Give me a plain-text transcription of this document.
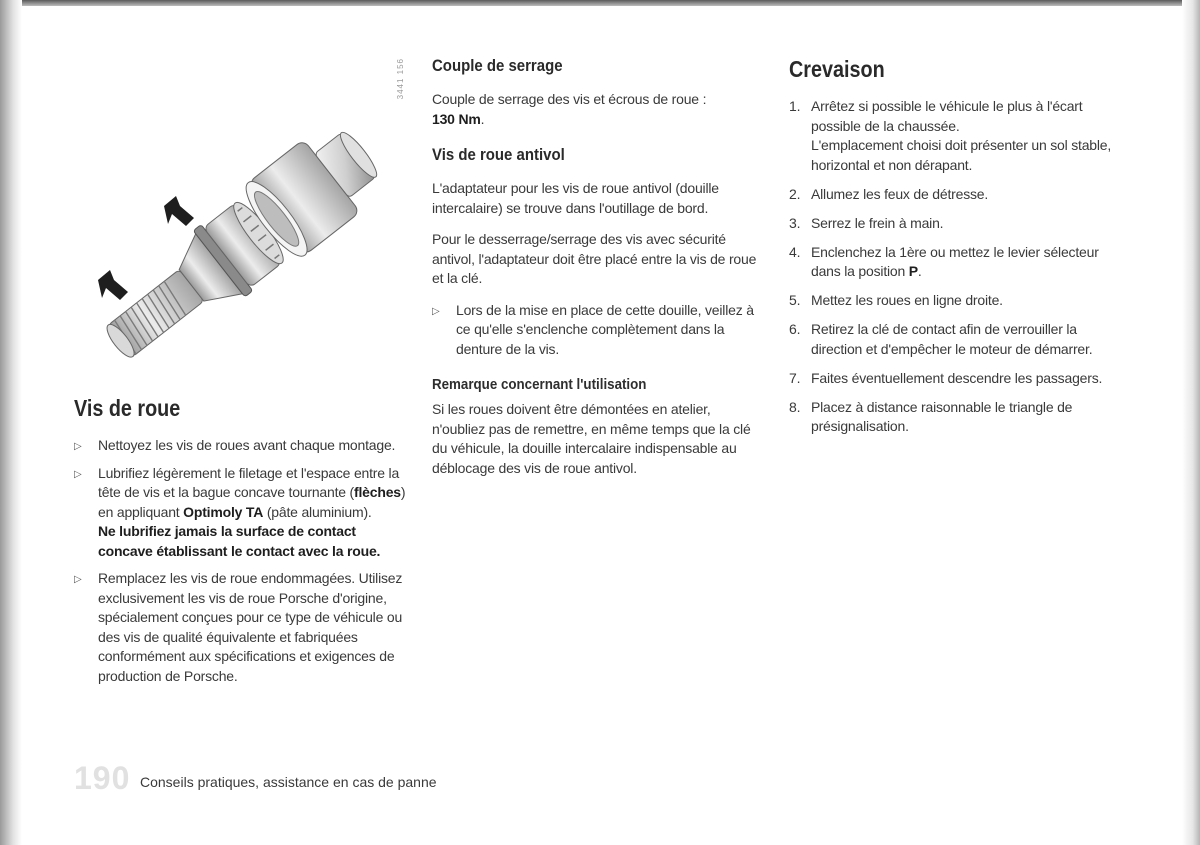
3441 156
Vis de roue
▷ Nettoyez les vis de roues avant chaque montage.
▷ Lubrifiez légèrement le filetage et l'espace entre la tête de vis et la bague concave tournante (flèches) en appliquant Optimoly TA (pâte aluminium).
Ne lubrifiez jamais la surface de contact concave établissant le contact avec la roue.
▷ Remplacez les vis de roue endommagées. Utilisez exclusivement les vis de roue Porsche d'origine, spécialement conçues pour ce type de véhicule ou des vis de qualité équivalente et fabriquées conformément aux spécifications et exigences de production de Porsche.
Couple de serrage

Couple de serrage des vis et écrous de roue :
130 Nm.

Vis de roue antivol

L'adaptateur pour les vis de roue antivol (douille intercalaire) se trouve dans l'outillage de bord.

Pour le desserrage/serrage des vis avec sécurité antivol, l'adaptateur doit être placé entre la vis de roue et la clé.

▷ Lors de la mise en place de cette douille, veillez à ce qu'elle s'enclenche complètement dans la denture de la vis.
Remarque concernant l'utilisation

Si les roues doivent être démontées en atelier, n'oubliez pas de remettre, en même temps que la clé du véhicule, la douille intercalaire indispensable au déblocage des vis de roue antivol.

Crevaison
1. Arrêtez si possible le véhicule le plus à l'écart possible de la chaussée.
L'emplacement choisi doit présenter un sol stable, horizontal et non dérapant.
2. Allumez les feux de détresse.
3. Serrez le frein à main.
4. Enclenchez la 1ère ou mettez le levier sélecteur dans la position P.
5. Mettez les roues en ligne droite.
6. Retirez la clé de contact afin de verrouiller la direction et d'empêcher le moteur de démarrer.
7. Faites éventuellement descendre les passagers.
8. Placez à distance raisonnable le triangle de présignalisation.
190 Conseils pratiques, assistance en cas de panne
